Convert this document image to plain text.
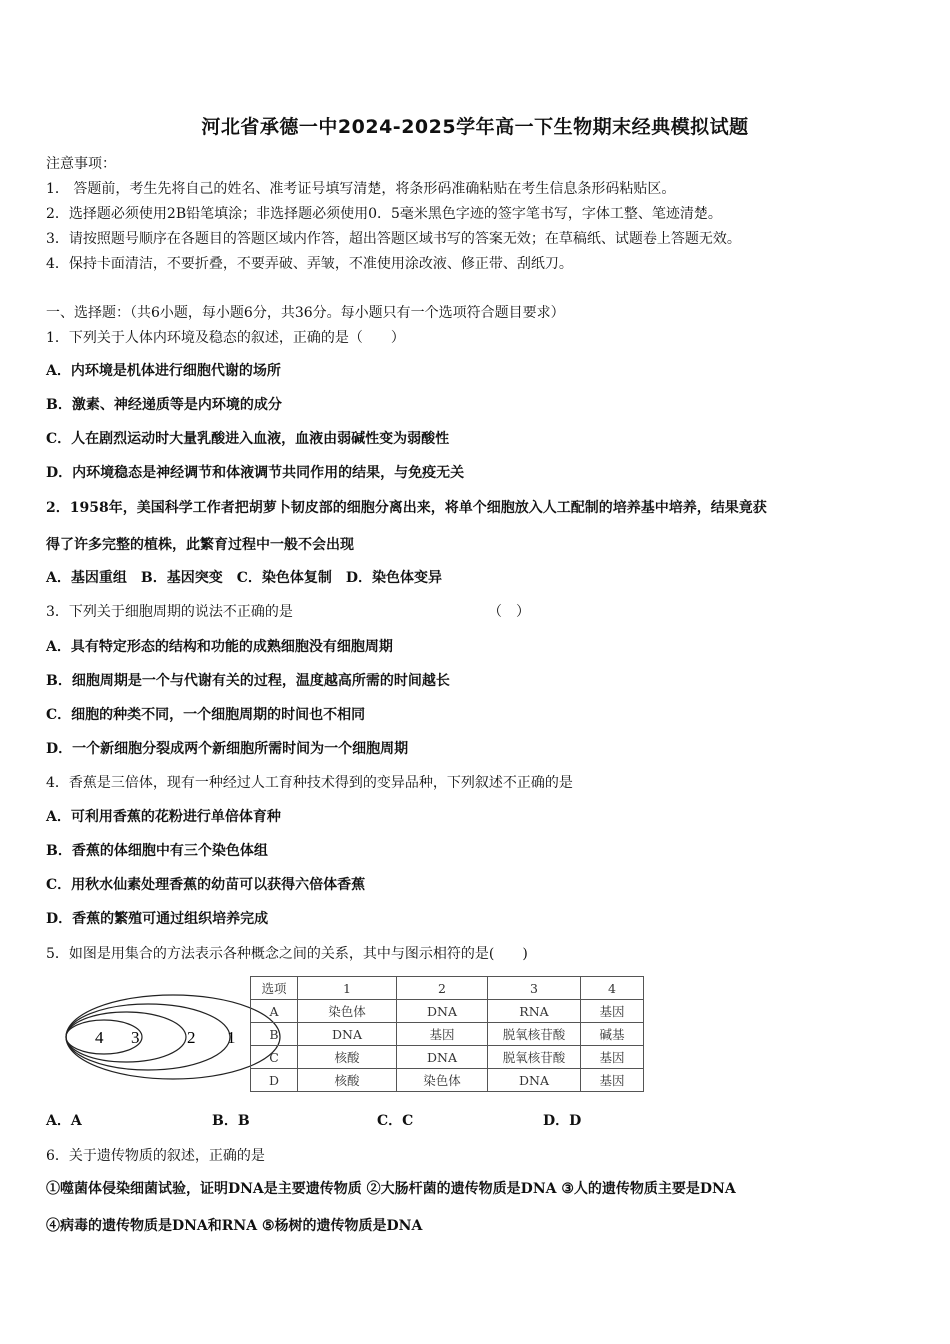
河北省承德一中2024-2025学年高一下生物期末经典模拟试题
注意事项：
1． 答题前，考生先将自己的姓名、准考证号填写清楚，将条形码准确粘贴在考生信息条形码粘贴区。
2．选择题必须使用2B铅笔填涂；非选择题必须使用0．5毫米黑色字迹的签字笔书写，字体工整、笔迹清楚。
3．请按照题号顺序在各题目的答题区域内作答，超出答题区域书写的答案无效；在草稿纸、试题卷上答题无效。
4．保持卡面清洁，不要折叠，不要弄破、弄皱，不准使用涂改液、修正带、刮纸刀。
一、选择题：（共6小题，每小题6分，共36分。每小题只有一个选项符合题目要求）
1．下列关于人体内环境及稳态的叙述，正确的是（　　）
A．内环境是机体进行细胞代谢的场所
B．激素、神经递质等是内环境的成分
C．人在剧烈运动时大量乳酸进入血液，血液由弱碱性变为弱酸性
D．内环境稳态是神经调节和体液调节共同作用的结果，与免疫无关
2．1958年，美国科学工作者把胡萝卜韧皮部的细胞分离出来，将单个细胞放入人工配制的培养基中培养，结果竟获
得了许多完整的植株，此繁育过程中一般不会出现
A．基因重组　B．基因突变　C．染色体复制　D．染色体变异
3．下列关于细胞周期的说法不正确的是	（　）
A．具有特定形态的结构和功能的成熟细胞没有细胞周期
B．细胞周期是一个与代谢有关的过程，温度越高所需的时间越长
C．细胞的种类不同，一个细胞周期的时间也不相同
D．一个新细胞分裂成两个新细胞所需时间为一个细胞周期
4．香蕉是三倍体，现有一种经过人工育种技术得到的变异品种，下列叙述不正确的是
A．可利用香蕉的花粉进行单倍体育种
B．香蕉的体细胞中有三个染色体组
C．用秋水仙素处理香蕉的幼苗可以获得六倍体香蕉
D．香蕉的繁殖可通过组织培养完成
5．如图是用集合的方法表示各种概念之间的关系，其中与图示相符的是(　　)
4 3	2 1
选项	1	2	3	4
A	染色体	DNA	RNA	基因
B	DNA	基因	脱氧核苷酸	碱基
C	核酸	DNA	脱氧核苷酸	基因
D	核酸	染色体	DNA	基因
A．A	B．B	C．C	D．D
6．关于遗传物质的叙述，正确的是
①噬菌体侵染细菌试验，证明DNA是主要遗传物质 ②大肠杆菌的遗传物质是DNA ③人的遗传物质主要是DNA
④病毒的遗传物质是DNA和RNA ⑤杨树的遗传物质是DNA
